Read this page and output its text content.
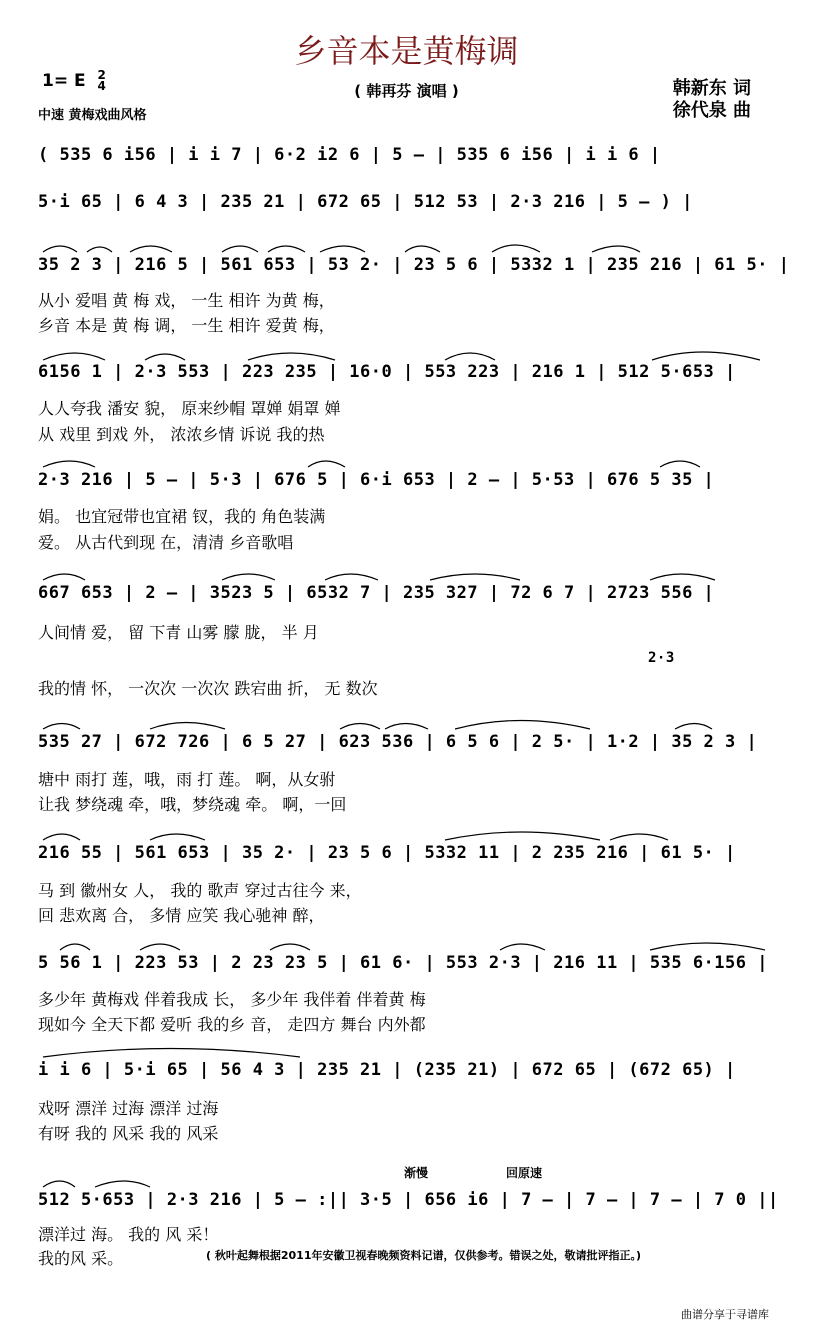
乡音本是黄梅调
1= E 2
4
中速 黄梅戏曲风格
( 韩再芬 演唱 )	韩新东 词
徐代泉 曲
( 535 6 i56 | i i 7 | 6·2 i2 6 | 5 – | 535 6 i56 | i i 6 |
5·i 65 | 6 4 3 | 235 21 | 672 65 | 512 53 | 2·3 216 | 5 – ) |
35 2 3 | 216 5 | 561 653 | 53 2· | 23 5 6 | 5332 1 | 235 216 | 61 5· |
从小 爱唱 黄 梅 戏， 一生 相许 为黄 梅，
乡音 本是 黄 梅 调， 一生 相许 爱黄 梅，
6156 1 | 2·3 553 | 223 235 | 16·0 | 553 223 | 216 1 | 512 5·653 |
人人夸我 潘安 貌， 原来纱帽 罩婵 娟罩 婵
从 戏里 到戏 外， 浓浓乡情 诉说 我的热
2·3 216 | 5 – | 5·3 | 676 5 | 6·i 653 | 2 – | 5·53 | 676 5 35 |
娟。 也宜冠带也宜裙 钗，我的 角色装满
爱。 从古代到现 在，清清 乡音歌唱
667 653 | 2 – | 3523 5 | 6532 7 | 235 327 | 72 6 7 | 2723 556 |
人间情 爱， 留 下青 山雾 朦 胧， 半 月
2·3
我的情 怀， 一次次 一次次 跌宕曲 折， 无 数次
535 27 | 672 726 | 6 5 27 | 623 536 | 6 5 6 | 2 5· | 1·2 | 35 2 3 |
塘中 雨打 莲，哦，雨 打 莲。 啊，从女驸
让我 梦绕魂 牵，哦，梦绕魂 牵。 啊，一回
216 55 | 561 653 | 35 2· | 23 5 6 | 5332 11 | 2 235 216 | 61 5· |
马 到 徽州女 人， 我的 歌声 穿过古往今 来，
回 悲欢离 合， 多情 应笑 我心驰神 醉，
5 56 1 | 223 53 | 2 23 23 5 | 61 6· | 553 2·3 | 216 11 | 535 6·156 |
多少年 黄梅戏 伴着我成 长， 多少年 我伴着 伴着黄 梅
现如今 全天下都 爱听 我的乡 音， 走四方 舞台 内外都
i i 6 | 5·i 65 | 56 4 3 | 235 21 | (235 21) | 672 65 | (672 65) |
戏呀 漂洋 过海 漂洋 过海
有呀 我的 风采 我的 风采
渐慢	回原速
512 5·653 | 2·3 216 | 5 – :|| 3·5 | 656 i6 | 7 – | 7 – | 7 – | 7 0 ||
漂洋过 海。 我的 风 采！
我的风 采。	( 秋叶起舞根据2011年安徽卫视春晚频资料记谱，仅供参考。错误之处，敬请批评指正。)
曲谱分享于寻谱库
